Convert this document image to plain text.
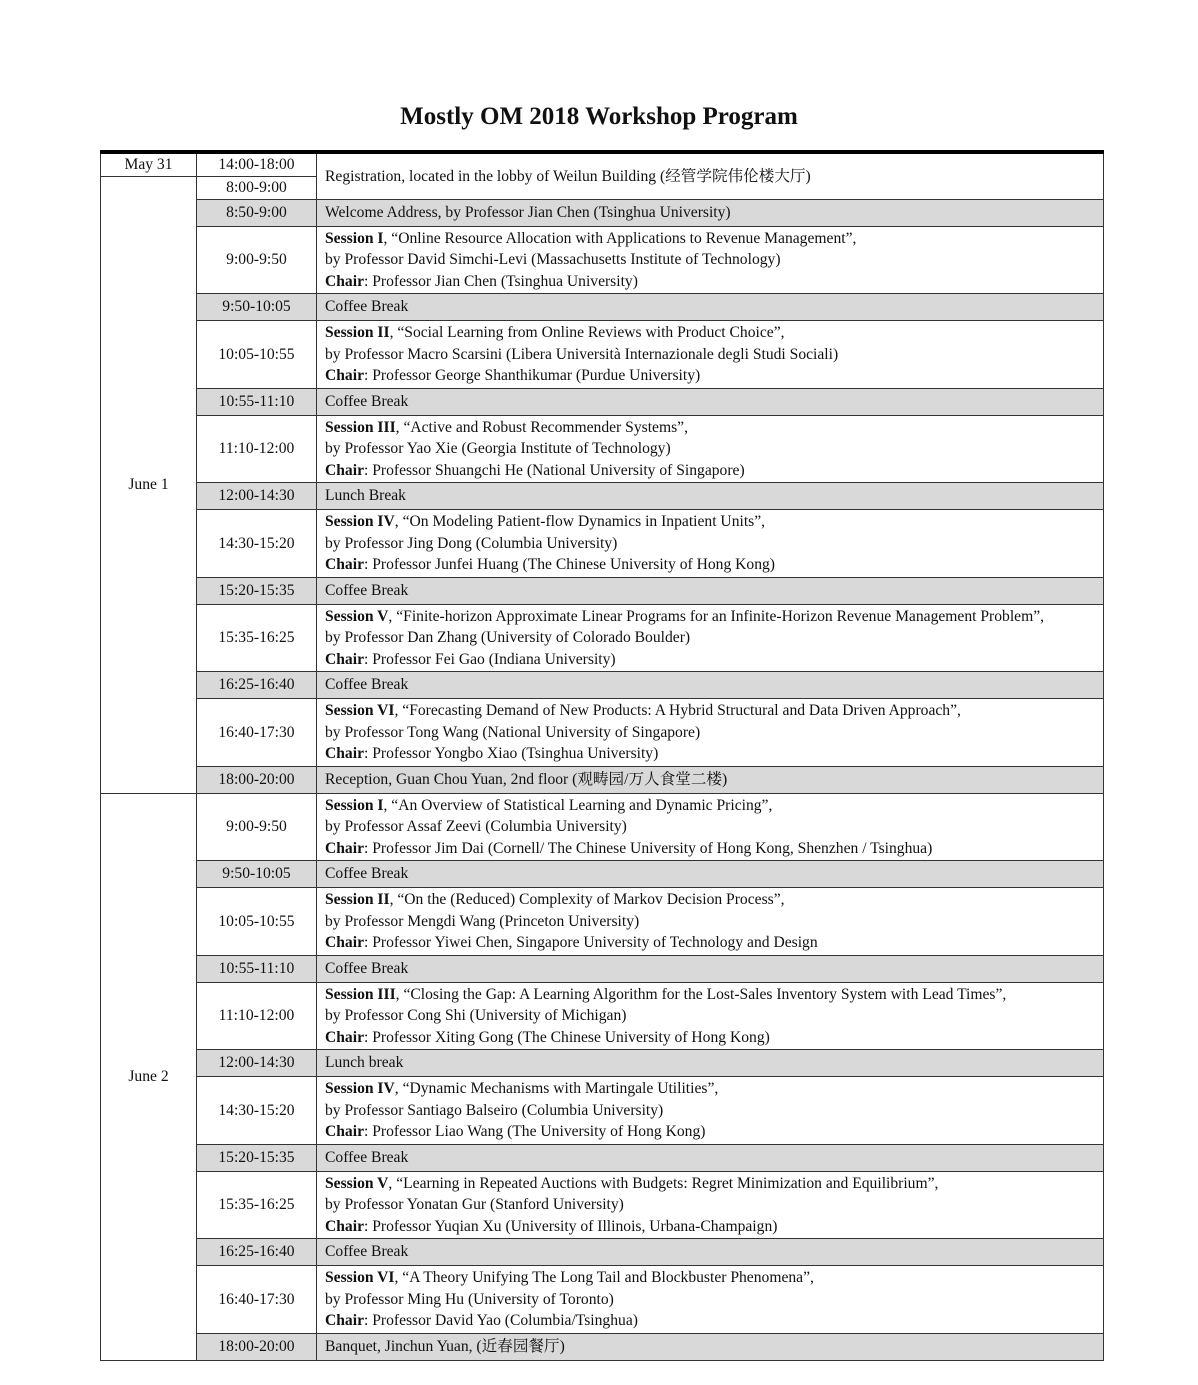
Mostly OM 2018 Workshop Program
May 31	14:00-18:00	Registration, located in the lobby of Weilun Building (经管学院伟伦楼大厅)
June 1	8:00-9:00	
	8:50-9:00	Welcome Address, by Professor Jian Chen (Tsinghua University)
	9:00-9:50	Session I, “Online Resource Allocation with Applications to Revenue Management”,
by Professor David Simchi-Levi (Massachusetts Institute of Technology)
Chair: Professor Jian Chen (Tsinghua University)

	9:50-10:05	Coffee Break
	10:05-10:55	Session II, “Social Learning from Online Reviews with Product Choice”,
by Professor Macro Scarsini (Libera Università Internazionale degli Studi Sociali)
Chair: Professor George Shanthikumar (Purdue University)

	10:55-11:10	Coffee Break
	11:10-12:00	Session III, “Active and Robust Recommender Systems”,
by Professor Yao Xie (Georgia Institute of Technology)
Chair: Professor Shuangchi He (National University of Singapore)

	12:00-14:30	Lunch Break
	14:30-15:20	Session IV, “On Modeling Patient-flow Dynamics in Inpatient Units”,
by Professor Jing Dong (Columbia University)
Chair: Professor Junfei Huang (The Chinese University of Hong Kong)

	15:20-15:35	Coffee Break
	15:35-16:25	Session V, “Finite-horizon Approximate Linear Programs for an Infinite-Horizon Revenue Management Problem”,
by Professor Dan Zhang (University of Colorado Boulder)
Chair: Professor Fei Gao (Indiana University)

	16:25-16:40	Coffee Break
	16:40-17:30	Session VI, “Forecasting Demand of New Products: A Hybrid Structural and Data Driven Approach”,
by Professor Tong Wang (National University of Singapore)
Chair: Professor Yongbo Xiao (Tsinghua University)

	18:00-20:00	Reception, Guan Chou Yuan, 2nd floor (观畴园/万人食堂二楼)
June 2	9:00-9:50	Session I, “An Overview of Statistical Learning and Dynamic Pricing”,
by Professor Assaf Zeevi (Columbia University)
Chair: Professor Jim Dai (Cornell/ The Chinese University of Hong Kong, Shenzhen / Tsinghua)

	9:50-10:05	Coffee Break
	10:05-10:55	Session II, “On the (Reduced) Complexity of Markov Decision Process”,
by Professor Mengdi Wang (Princeton University)
Chair: Professor Yiwei Chen, Singapore University of Technology and Design

	10:55-11:10	Coffee Break
	11:10-12:00	Session III, “Closing the Gap: A Learning Algorithm for the Lost-Sales Inventory System with Lead Times”,
by Professor Cong Shi (University of Michigan)
Chair: Professor Xiting Gong (The Chinese University of Hong Kong)

	12:00-14:30	Lunch break
	14:30-15:20	Session IV, “Dynamic Mechanisms with Martingale Utilities”,
by Professor Santiago Balseiro (Columbia University)
Chair: Professor Liao Wang (The University of Hong Kong)

	15:20-15:35	Coffee Break
	15:35-16:25	Session V, “Learning in Repeated Auctions with Budgets: Regret Minimization and Equilibrium”,
by Professor Yonatan Gur (Stanford University)
Chair: Professor Yuqian Xu (University of Illinois, Urbana-Champaign)

	16:25-16:40	Coffee Break
	16:40-17:30	Session VI, “A Theory Unifying The Long Tail and Blockbuster Phenomena”,
by Professor Ming Hu (University of Toronto)
Chair: Professor David Yao (Columbia/Tsinghua)

	18:00-20:00	Banquet, Jinchun Yuan, (近春园餐厅)
